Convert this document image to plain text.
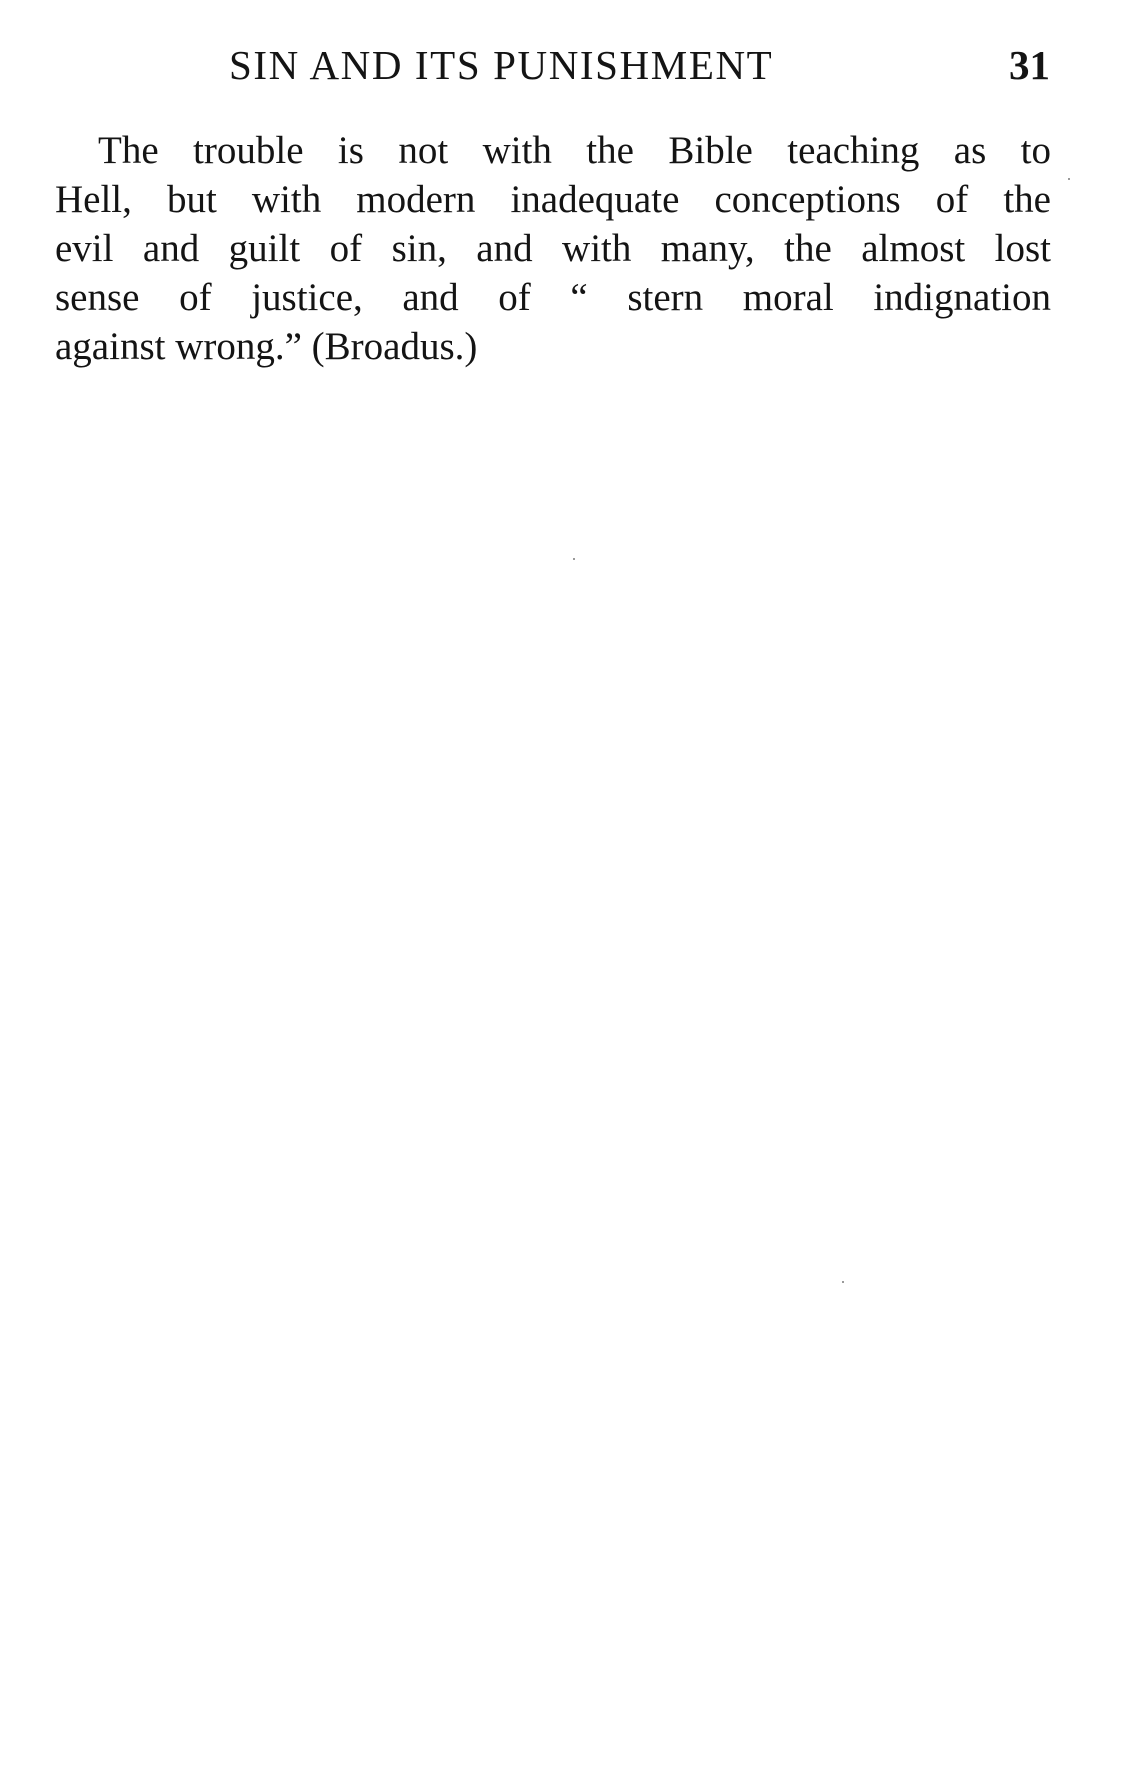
SIN AND ITS PUNISHMENT	31
The trouble is not with the Bible teaching as to
Hell, but with modern inadequate conceptions of the
evil and guilt of sin, and with many, the almost lost
sense of justice, and of “ stern moral indignation
against wrong.” (Broadus.)
